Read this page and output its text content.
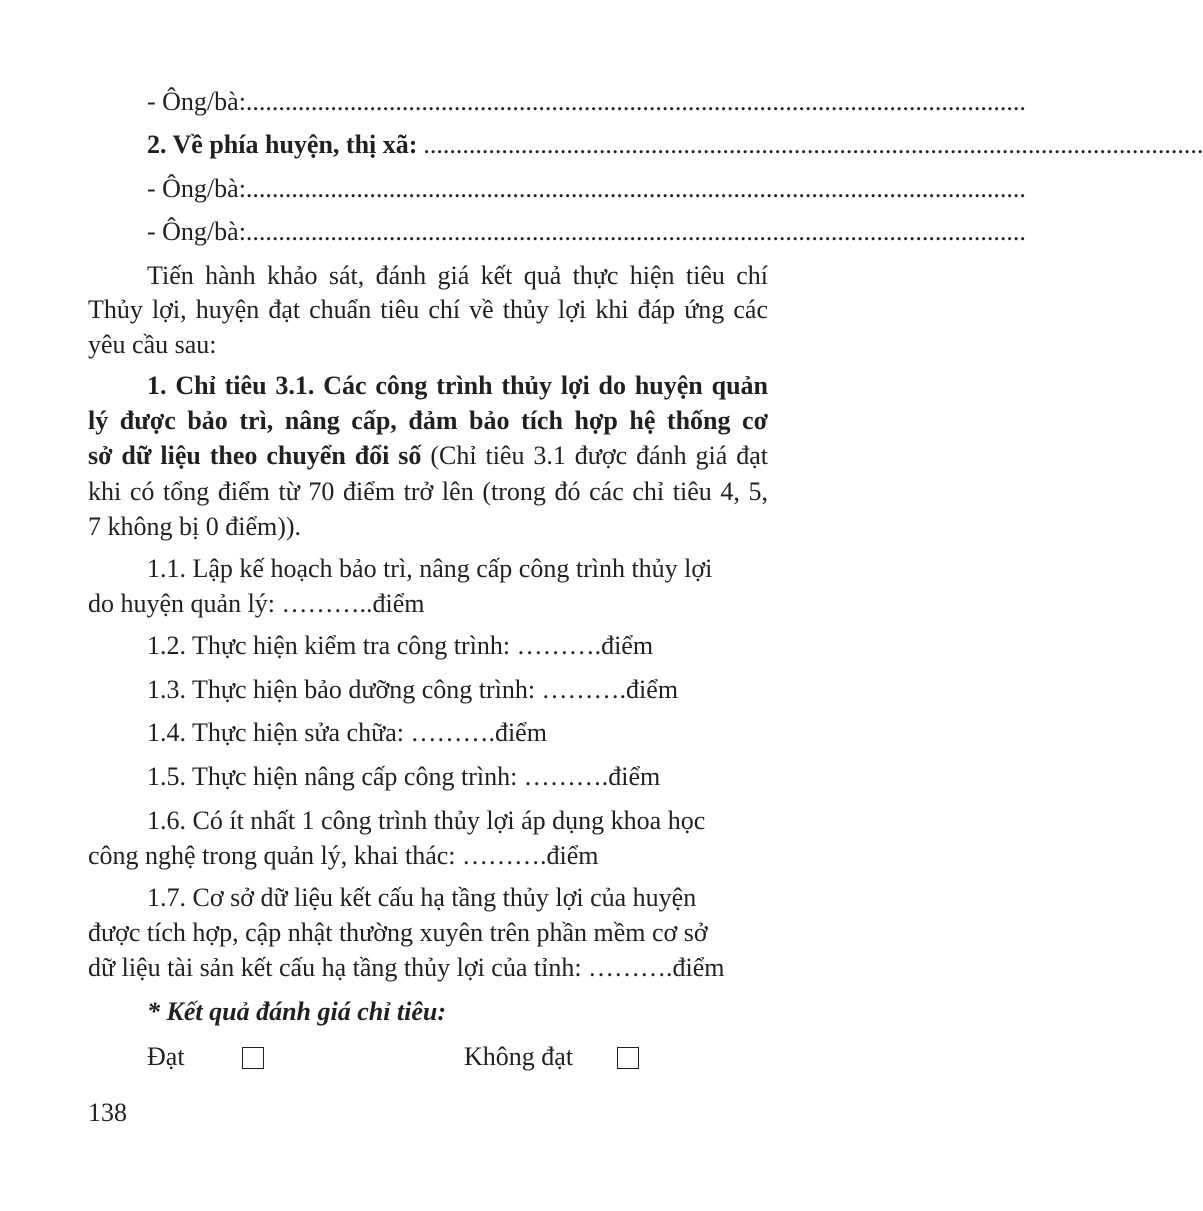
- Ông/bà: ........................................................................................................................
2. Về phía huyện, thị xã: ........................................................................................................................
- Ông/bà: ........................................................................................................................
- Ông/bà: ........................................................................................................................
Tiến hành khảo sát, đánh giá kết quả thực hiện tiêu chí
Thủy lợi, huyện đạt chuẩn tiêu chí về thủy lợi khi đáp ứng các
yêu cầu sau:
1. Chỉ tiêu 3.1. Các công trình thủy lợi do huyện quản
lý được bảo trì, nâng cấp, đảm bảo tích hợp hệ thống cơ
sở dữ liệu theo chuyển đổi số (Chỉ tiêu 3.1 được đánh giá đạt
khi có tổng điểm từ 70 điểm trở lên (trong đó các chỉ tiêu 4, 5,
7 không bị 0 điểm)).
1.1. Lập kế hoạch bảo trì, nâng cấp công trình thủy lợi
do huyện quản lý: ………..điểm
1.2. Thực hiện kiểm tra công trình: ……….điểm
1.3. Thực hiện bảo dưỡng công trình: ……….điểm
1.4. Thực hiện sửa chữa: ……….điểm
1.5. Thực hiện nâng cấp công trình: ……….điểm
1.6. Có ít nhất 1 công trình thủy lợi áp dụng khoa học
công nghệ trong quản lý, khai thác: ……….điểm
1.7. Cơ sở dữ liệu kết cấu hạ tầng thủy lợi của huyện
được tích hợp, cập nhật thường xuyên trên phần mềm cơ sở
dữ liệu tài sản kết cấu hạ tầng thủy lợi của tỉnh: ……….điểm
* Kết quả đánh giá chỉ tiêu:
Đạt	Không đạt
138
